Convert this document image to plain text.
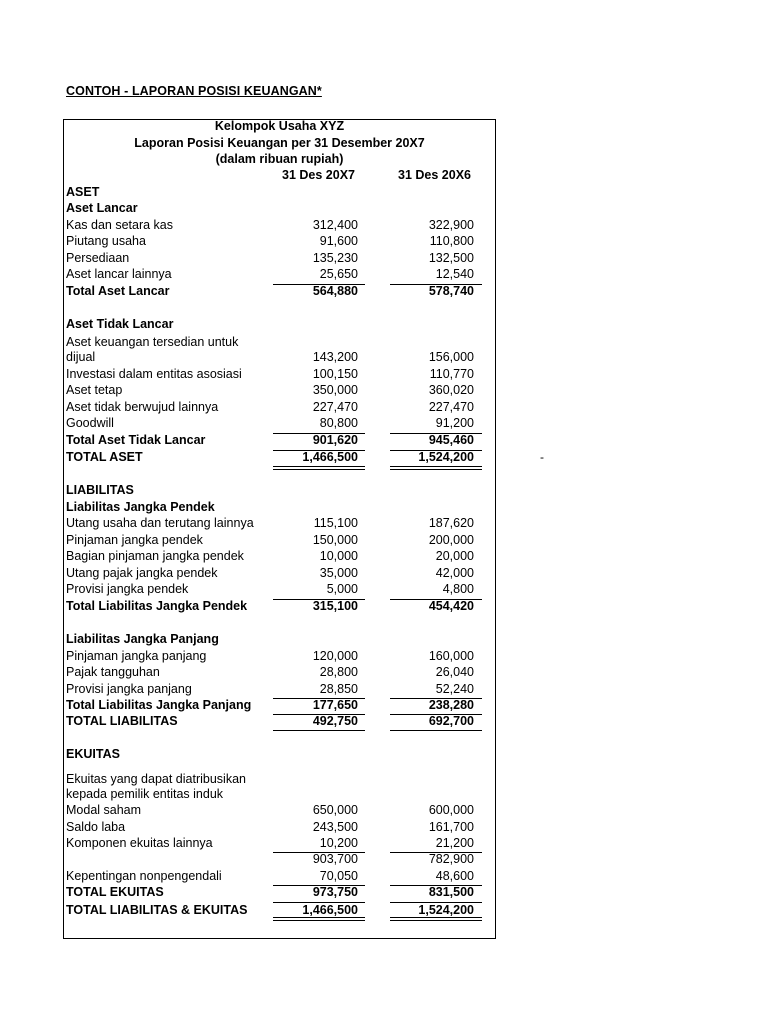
CONTOH - LAPORAN POSISI KEUANGAN*
Kelompok Usaha XYZ
Laporan Posisi Keuangan per 31 Desember 20X7
(dalam ribuan rupiah)
31 Des 20X7	31 Des 20X6
ASET
Aset Lancar
Kas dan setara kas	312,400	322,900
Piutang usaha	91,600	110,800
Persediaan	135,230	132,500
Aset lancar lainnya	25,650	12,540
Total Aset Lancar	564,880	578,740
Aset Tidak Lancar
Aset keuangan tersedian untuk
dijual	143,200	156,000
Investasi dalam entitas asosiasi	100,150	110,770
Aset tetap	350,000	360,020
Aset tidak berwujud lainnya	227,470	227,470
Goodwill	80,800	91,200
Total Aset Tidak Lancar	901,620	945,460
TOTAL ASET	1,466,500	1,524,200
LIABILITAS
Liabilitas Jangka Pendek
Utang usaha dan terutang lainnya	115,100	187,620
Pinjaman jangka pendek	150,000	200,000
Bagian pinjaman jangka pendek	10,000	20,000
Utang pajak jangka pendek	35,000	42,000
Provisi jangka pendek	5,000	4,800
Total Liabilitas Jangka Pendek	315,100	454,420
Liabilitas Jangka Panjang
Pinjaman jangka panjang	120,000	160,000
Pajak tangguhan	28,800	26,040
Provisi jangka panjang	28,850	52,240
Total Liabilitas Jangka Panjang	177,650	238,280
TOTAL LIABILITAS	492,750	692,700
EKUITAS
Ekuitas yang dapat diatribusikan
kepada pemilik entitas induk
Modal saham	650,000	600,000
Saldo laba	243,500	161,700
Komponen ekuitas lainnya	10,200	21,200
903,700	782,900
Kepentingan nonpengendali	70,050	48,600
TOTAL EKUITAS	973,750	831,500
TOTAL LIABILITAS & EKUITAS	1,466,500	1,524,200
-
